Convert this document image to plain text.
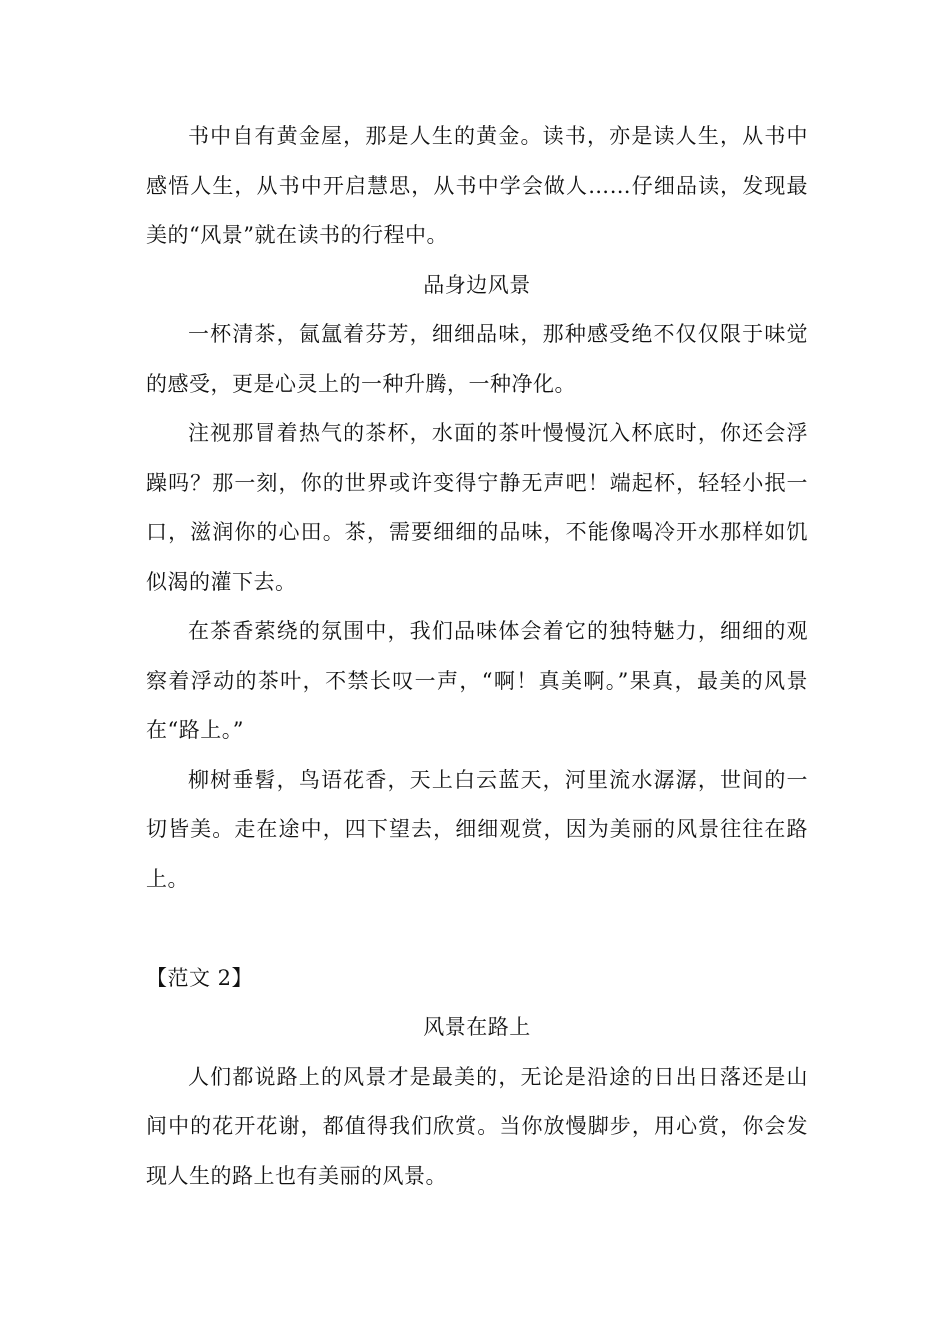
书中自有黄金屋，那是人生的黄金。读书，亦是读人生，从书中感悟人生，从书中开启慧思，从书中学会做人……仔细品读，发现最美的“风景”就在读书的行程中。

品身边风景

一杯清茶，氤氲着芬芳，细细品味，那种感受绝不仅仅限于味觉的感受，更是心灵上的一种升腾，一种净化。

注视那冒着热气的茶杯，水面的茶叶慢慢沉入杯底时，你还会浮躁吗？那一刻，你的世界或许变得宁静无声吧！端起杯，轻轻小抿一口，滋润你的心田。茶，需要细细的品味，不能像喝冷开水那样如饥似渴的灌下去。

在茶香萦绕的氛围中，我们品味体会着它的独特魅力，细细的观察着浮动的茶叶，不禁长叹一声，“啊！真美啊。”果真，最美的风景在“路上。”

柳树垂髫，鸟语花香，天上白云蓝天，河里流水潺潺，世间的一切皆美。走在途中，四下望去，细细观赏，因为美丽的风景往往在路上。

【范文 2】

风景在路上

人们都说路上的风景才是最美的，无论是沿途的日出日落还是山间中的花开花谢，都值得我们欣赏。当你放慢脚步，用心赏，你会发现人生的路上也有美丽的风景。
